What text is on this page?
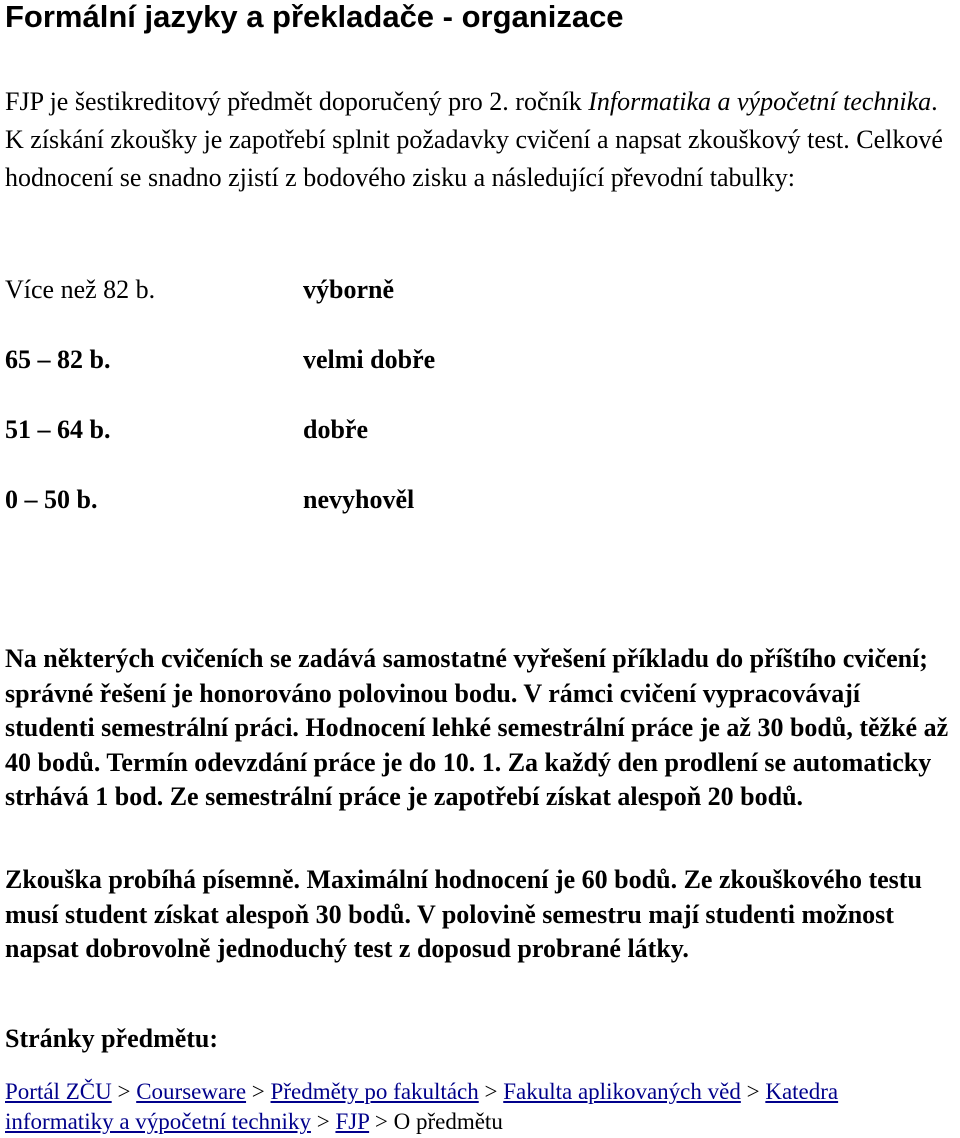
Formální jazyky a překladače - organizace

FJP je šestikreditový předmět doporučený pro 2. ročník Informatika a výpočetní technika. K získání zkoušky je zapotřebí splnit požadavky cvičení a napsat zkouškový test. Celkové hodnocení se snadno zjistí z bodového zisku a následující převodní tabulky:

Více než 82 b.	výborně
65 – 82 b.	velmi dobře
51 – 64 b.	dobře
0 – 50 b.	nevyhověl

Na některých cvičeních se zadává samostatné vyřešení příkladu do příštího cvičení; správné řešení je honorováno polovinou bodu. V rámci cvičení vypracovávají studenti semestrální práci. Hodnocení lehké semestrální práce je až 30 bodů, těžké až 40 bodů. Termín odevzdání práce je do 10. 1. Za každý den prodlení se automaticky strhává 1 bod. Ze semestrální práce je zapotřebí získat alespoň 20 bodů.

Zkouška probíhá písemně. Maximální hodnocení je 60 bodů. Ze zkouškového testu musí student získat alespoň 30 bodů. V polovině semestru mají studenti možnost napsat dobrovolně jednoduchý test z doposud probrané látky.

Stránky předmětu:

Portál ZČU > Courseware > Předměty po fakultách > Fakulta aplikovaných věd > Katedra informatiky a výpočetní techniky > FJP > O předmětu
